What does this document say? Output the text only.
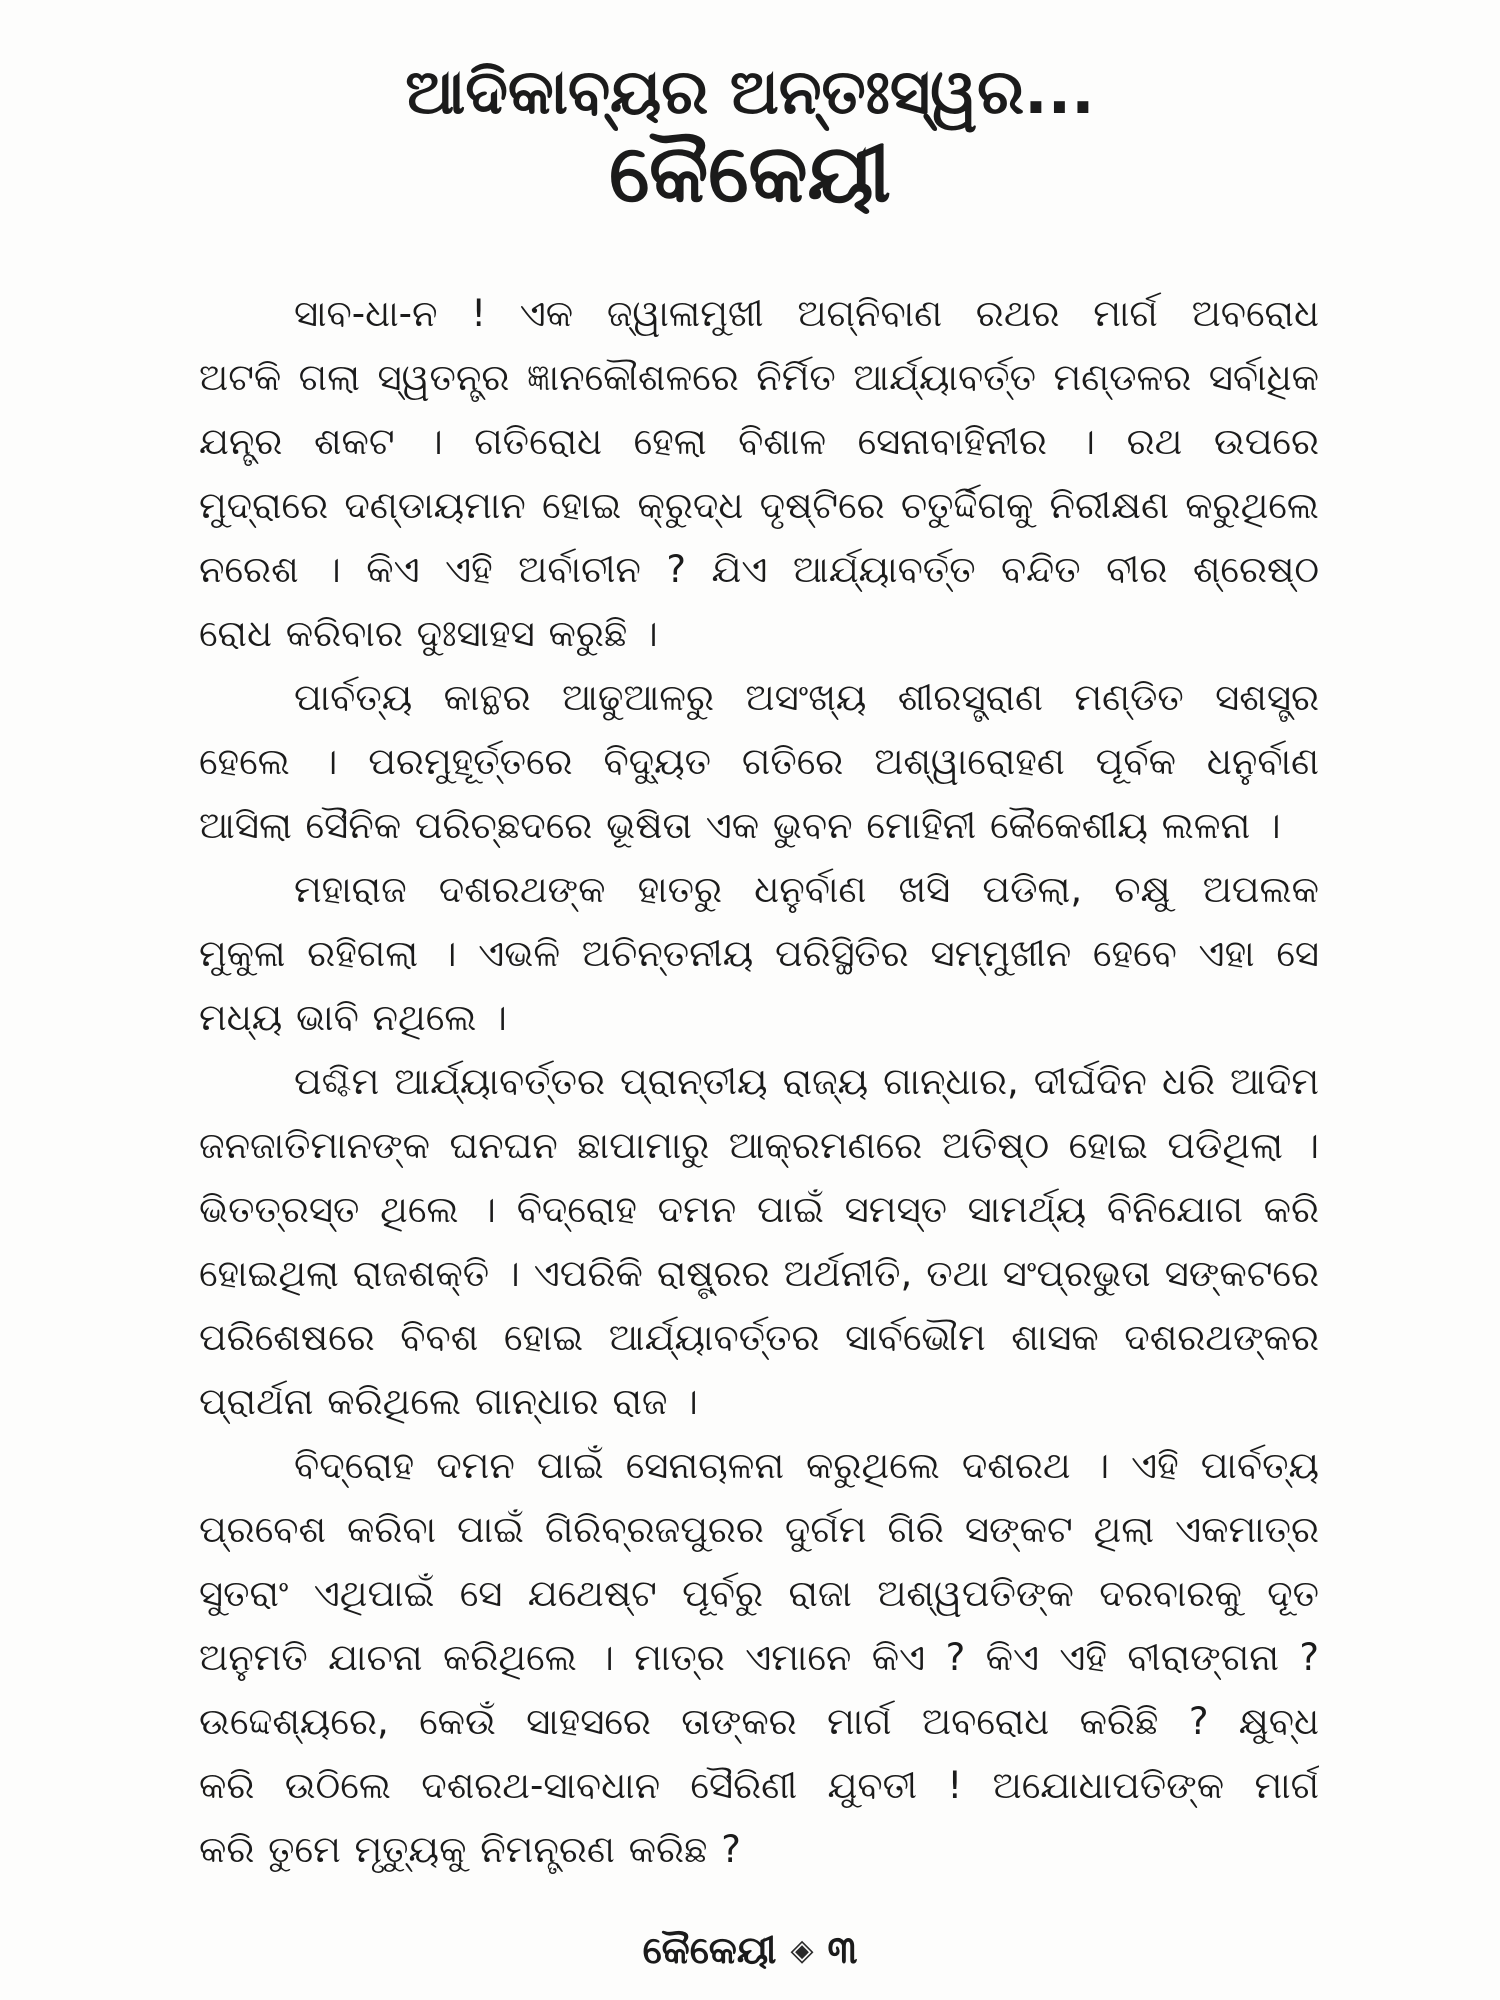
ଆଦିକାବ୍ୟର ଅନ୍ତଃସ୍ୱର...
କୈକେୟୀ
ସାବ-ଧା-ନ ! ଏକ ଜ୍ୱାଳାମୁଖୀ ଅଗ୍ନିବାଣ ରଥର ମାର୍ଗ ଅବରୋଧ
ଅଟକି ଗଲା ସ୍ୱତନ୍ତ୍ର ଜ୍ଞାନକୌଶଳରେ ନିର୍ମିତ ଆର୍ଯ୍ୟାବର୍ତ୍ତ ମଣ୍ଡଳର ସର୍ବାଧିକ
ଯନ୍ତ୍ର ଶକଟ । ଗତିରୋଧ ହେଲା ବିଶାଳ ସେନାବାହିନୀର । ରଥ ଉପରେ
ମୁଦ୍ରାରେ ଦଣ୍ଡାୟମାନ ହୋଇ କ୍ରୁଦ୍ଧ ଦୃଷ୍ଟିରେ ଚତୁର୍ଦ୍ଦିଗକୁ ନିରୀକ୍ଷଣ କରୁଥିଲେ
ନରେଶ । କିଏ ଏହି ଅର୍ବାଚୀନ ? ଯିଏ ଆର୍ଯ୍ୟାବର୍ତ୍ତ ବନ୍ଦିତ ବୀର ଶ୍ରେଷ୍ଠ
ରୋଧ କରିବାର ଦୁଃସାହସ କରୁଛି ।
ପାର୍ବତ୍ୟ କାନ୍ଥର ଆଢୁଆଳରୁ ଅସଂଖ୍ୟ ଶୀରସ୍ତ୍ରାଣ ମଣ୍ଡିତ ସଶସ୍ତ୍ର
ହେଲେ । ପରମୁହୂର୍ତ୍ତରେ ବିଦ୍ୟୁତ ଗତିରେ ଅଶ୍ୱାରୋହଣ ପୂର୍ବକ ଧନୁର୍ବାଣ
ଆସିଲା ସୈନିକ ପରିଚ୍ଛଦରେ ଭୂଷିତା ଏକ ଭୁବନ ମୋହିନୀ କୈକେଶୀୟ ଲଳନା ।
ମହାରାଜ ଦଶରଥଙ୍କ ହାତରୁ ଧନୁର୍ବାଣ ଖସି ପଡିଲା, ଚକ୍ଷୁ ଅପଲକ
ମୁକୁଳା ରହିଗଲା । ଏଭଳି ଅଚିନ୍ତନୀୟ ପରିସ୍ଥିତିର ସମ୍ମୁଖୀନ ହେବେ ଏହା ସେ
ମଧ୍ୟ ଭାବି ନଥିଲେ ।
ପଶ୍ଚିମ ଆର୍ଯ୍ୟାବର୍ତ୍ତର ପ୍ରାନ୍ତୀୟ ରାଜ୍ୟ ଗାନ୍ଧାର, ଦୀର୍ଘଦିନ ଧରି ଆଦିମ
ଜନଜାତିମାନଙ୍କ ଘନଘନ ଛାପାମାରୁ ଆକ୍ରମଣରେ ଅତିଷ୍ଠ ହୋଇ ପଡିଥିଲା ।
ଭିତତ୍ରସ୍ତ ଥିଲେ । ବିଦ୍ରୋହ ଦମନ ପାଇଁ ସମସ୍ତ ସାମର୍ଥ୍ୟ ବିନିଯୋଗ କରି
ହୋଇଥିଲା ରାଜଶକ୍ତି । ଏପରିକି ରାଷ୍ଟ୍ରର ଅର୍ଥନୀତି, ତଥା ସଂପ୍ରଭୁତା ସଙ୍କଟରେ
ପରିଶେଷରେ ବିବଶ ହୋଇ ଆର୍ଯ୍ୟାବର୍ତ୍ତର ସାର୍ବଭୌମ ଶାସକ ଦଶରଥଙ୍କର
ପ୍ରାର୍ଥନା କରିଥିଲେ ଗାନ୍ଧାର ରାଜ ।
ବିଦ୍ରୋହ ଦମନ ପାଇଁ ସେନାଚାଳନା କରୁଥିଲେ ଦଶରଥ । ଏହି ପାର୍ବତ୍ୟ
ପ୍ରବେଶ କରିବା ପାଇଁ ଗିରିବ୍ରଜପୁରର ଦୁର୍ଗମ ଗିରି ସଙ୍କଟ ଥିଲା ଏକମାତ୍ର
ସୁତରାଂ ଏଥିପାଇଁ ସେ ଯଥେଷ୍ଟ ପୂର୍ବରୁ ରାଜା ଅଶ୍ୱପତିଙ୍କ ଦରବାରକୁ ଦୂତ
ଅନୁମତି ଯାଚନା କରିଥିଲେ । ମାତ୍ର ଏମାନେ କିଏ ? କିଏ ଏହି ବୀରାଙ୍ଗନା ?
ଉଦ୍ଦେଶ୍ୟରେ, କେଉଁ ସାହସରେ ତାଙ୍କର ମାର୍ଗ ଅବରୋଧ କରିଛି ? କ୍ଷୁବ୍ଧ
କରି ଉଠିଲେ ଦଶରଥ-ସାବଧାନ ସୈରିଣୀ ଯୁବତୀ ! ଅଯୋଧାପତିଙ୍କ ମାର୍ଗ
କରି ତୁମେ ମୃତ୍ୟୁକୁ ନିମନ୍ତ୍ରଣ କରିଛ ?
କୈକେୟୀ ◈ ୩
